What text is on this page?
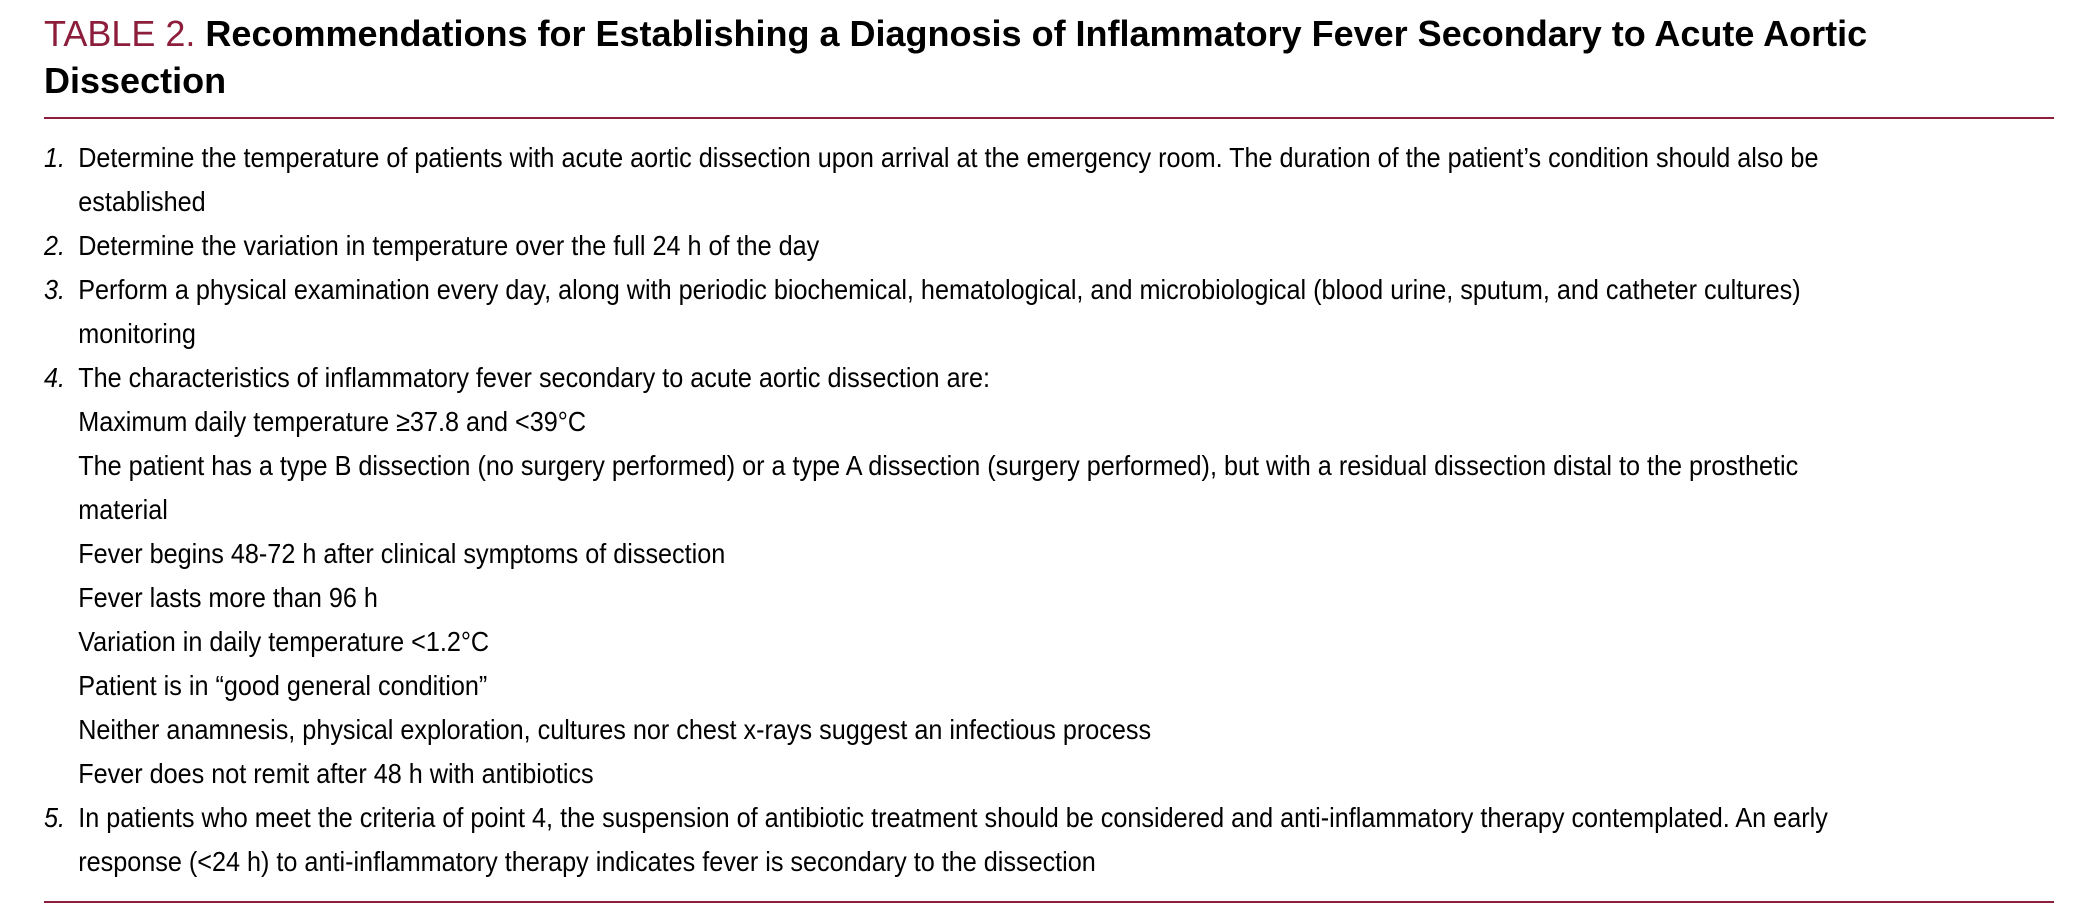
TABLE 2. Recommendations for Establishing a Diagnosis of Inflammatory Fever Secondary to Acute Aortic Dissection
1. Determine the temperature of patients with acute aortic dissection upon arrival at the emergency room. The duration of the patient’s condition should also be established
2. Determine the variation in temperature over the full 24 h of the day
3. Perform a physical examination every day, along with periodic biochemical, hematological, and microbiological (blood urine, sputum, and catheter cultures) monitoring
4. The characteristics of inflammatory fever secondary to acute aortic dissection are:
Maximum daily temperature ≥37.8 and <39°C
The patient has a type B dissection (no surgery performed) or a type A dissection (surgery performed), but with a residual dissection distal to the prosthetic material
Fever begins 48-72 h after clinical symptoms of dissection
Fever lasts more than 96 h
Variation in daily temperature <1.2°C
Patient is in “good general condition”
Neither anamnesis, physical exploration, cultures nor chest x-rays suggest an infectious process
Fever does not remit after 48 h with antibiotics
5. In patients who meet the criteria of point 4, the suspension of antibiotic treatment should be considered and anti-inflammatory therapy contemplated. An early response (<24 h) to anti-inflammatory therapy indicates fever is secondary to the dissection
